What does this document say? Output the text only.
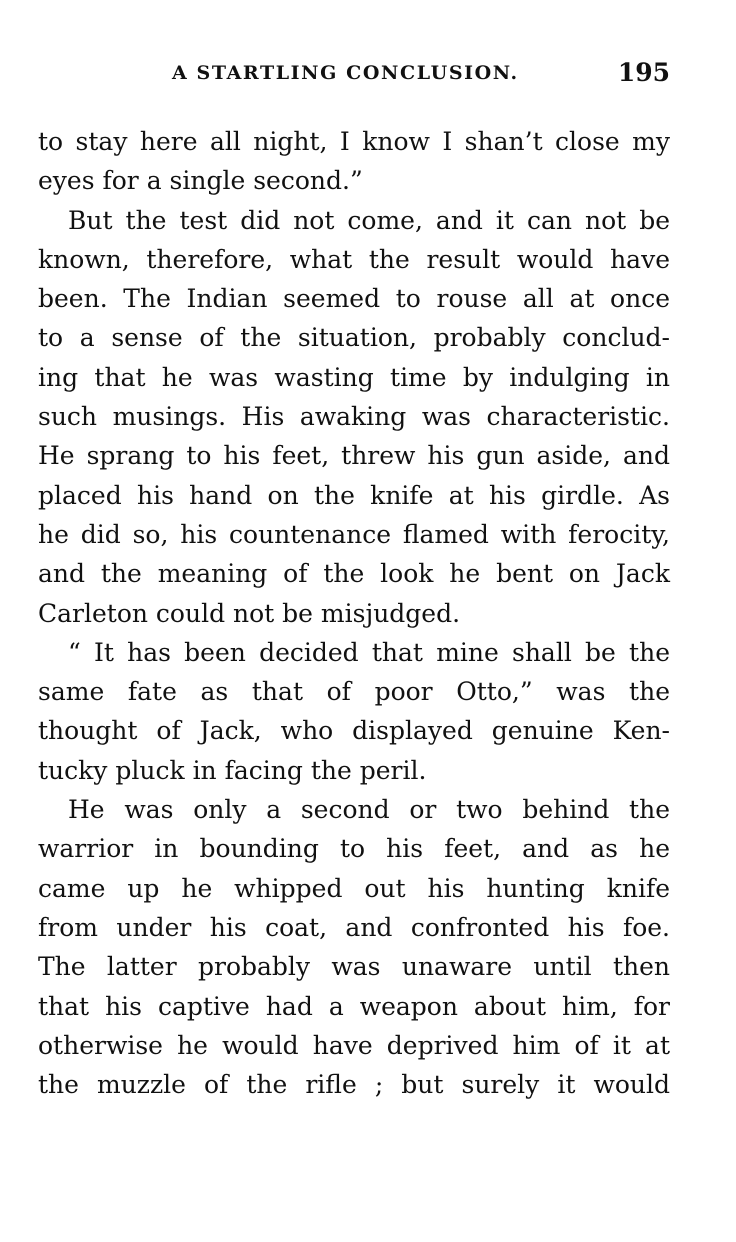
A STARTLING CONCLUSION.	195
to stay here all night, I know I shan’t close my
eyes for a single second.”
But the test did not come, and it can not be
known, therefore, what the result would have
been. The Indian seemed to rouse all at once
to a sense of the situation, probably conclud-
ing that he was wasting time by indulging in
such musings. His awaking was characteristic.
He sprang to his feet, threw his gun aside, and
placed his hand on the knife at his girdle. As
he did so, his countenance flamed with ferocity,
and the meaning of the look he bent on Jack
Carleton could not be misjudged.
“ It has been decided that mine shall be the
same fate as that of poor Otto,” was the
thought of Jack, who displayed genuine Ken-
tucky pluck in facing the peril.
He was only a second or two behind the
warrior in bounding to his feet, and as he
came up he whipped out his hunting knife
from under his coat, and confronted his foe.
The latter probably was unaware until then
that his captive had a weapon about him, for
otherwise he would have deprived him of it at
the muzzle of the rifle ; but surely it would
